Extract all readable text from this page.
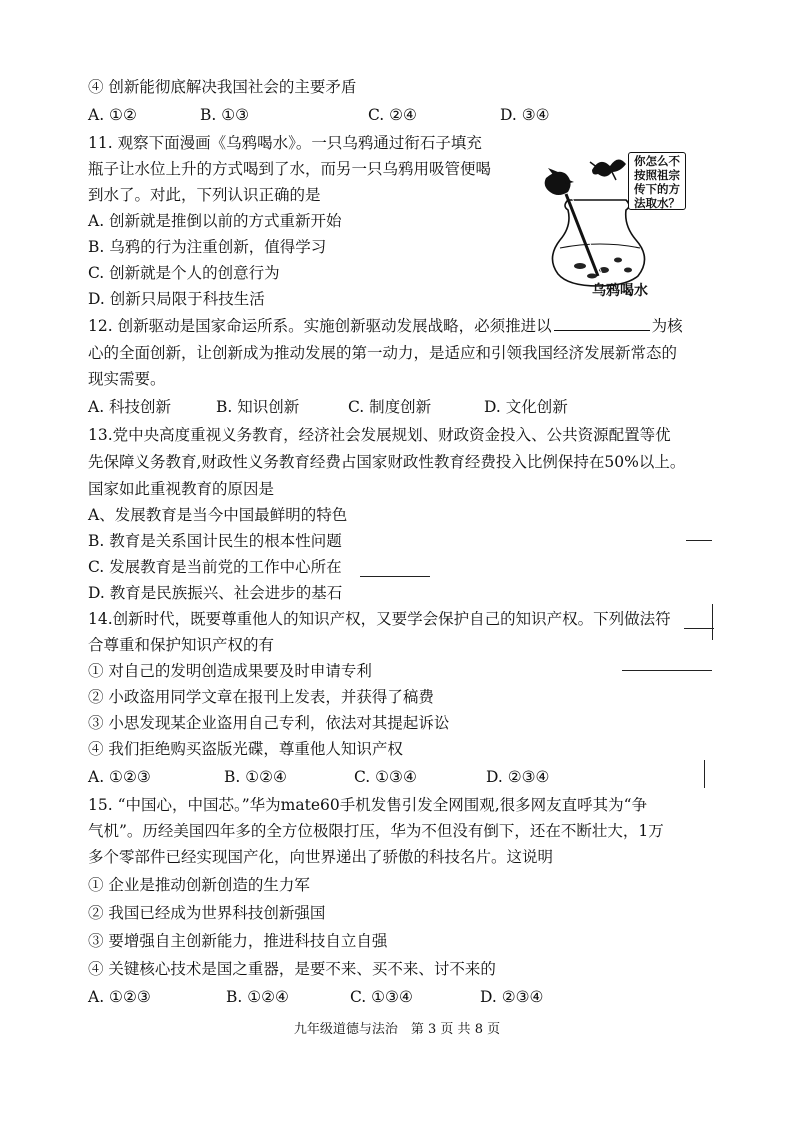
④ 创新能彻底解决我国社会的主要矛盾
A. ①②	B. ①③	C. ②④	D. ③④
11. 观察下面漫画《乌鸦喝水》。一只乌鸦通过衔石子填充
瓶子让水位上升的方式喝到了水，而另一只乌鸦用吸管便喝
到水了。对此，下列认识正确的是
A. 创新就是推倒以前的方式重新开始
B. 乌鸦的行为注重创新，值得学习
C. 创新就是个人的创意行为
D. 创新只局限于科技生活
你怎么不
按照祖宗
传下的方
法取水？
乌鸦喝水
12. 创新驱动是国家命运所系。实施创新驱动发展战略，必须推进以	为核
心的全面创新，让创新成为推动发展的第一动力，是适应和引领我国经济发展新常态的
现实需要。
A. 科技创新	B. 知识创新	C. 制度创新	D. 文化创新
13.党中央高度重视义务教育，经济社会发展规划、财政资金投入、公共资源配置等优
先保障义务教育,财政性义务教育经费占国家财政性教育经费投入比例保持在50%以上。
国家如此重视教育的原因是
A、发展教育是当今中国最鲜明的特色
B. 教育是关系国计民生的根本性问题
C. 发展教育是当前党的工作中心所在
D. 教育是民族振兴、社会进步的基石
14.创新时代，既要尊重他人的知识产权，又要学会保护自己的知识产权。下列做法符
合尊重和保护知识产权的有
① 对自己的发明创造成果要及时申请专利
② 小政盗用同学文章在报刊上发表，并获得了稿费
③ 小思发现某企业盗用自己专利，依法对其提起诉讼
④ 我们拒绝购买盗版光碟，尊重他人知识产权
A. ①②③	B. ①②④	C. ①③④	D. ②③④
15. “中国心，中国芯。”华为mate60手机发售引发全网围观,很多网友直呼其为“争
气机”。历经美国四年多的全方位极限打压，华为不但没有倒下，还在不断壮大，1万
多个零部件已经实现国产化，向世界递出了骄傲的科技名片。这说明
① 企业是推动创新创造的生力军
② 我国已经成为世界科技创新强国
③ 要增强自主创新能力，推进科技自立自强
④ 关键核心技术是国之重器，是要不来、买不来、讨不来的
A. ①②③	B. ①②④	C. ①③④	D. ②③④
九年级道德与法治　第 3 页 共 8 页
